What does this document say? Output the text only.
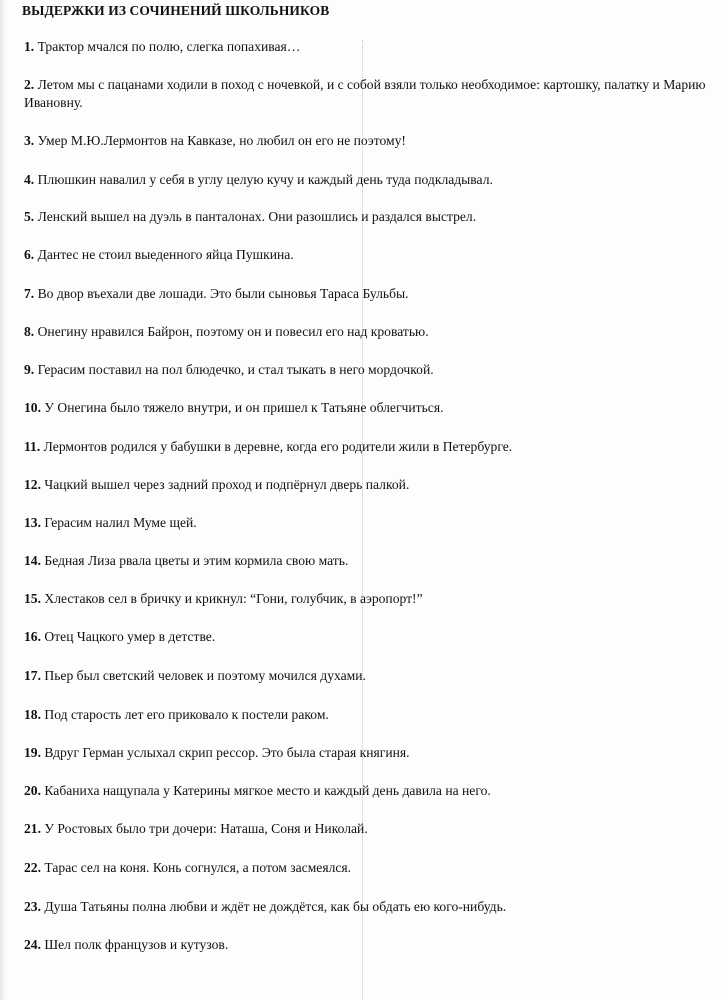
ВЫДЕРЖКИ ИЗ СОЧИНЕНИЙ ШКОЛЬНИКОВ
1. Трактор мчался по полю, слегка попахивая…
2. Летом мы с пацанами ходили в поход с ночевкой, и с собой взяли только необходимое: картошку, палатку и Марию Ивановну.
3. Умер М.Ю.Лермонтов на Кавказе, но любил он его не поэтому!
4. Плюшкин навалил у себя в углу целую кучу и каждый день туда подкладывал.
5. Ленский вышел на дуэль в панталонах. Они разошлись и раздался выстрел.
6. Дантес не стоил выеденного яйца Пушкина.
7. Во двор въехали две лошади. Это были сыновья Тараса Бульбы.
8. Онегину нравился Байрон, поэтому он и повесил его над кроватью.
9. Герасим поставил на пол блюдечко, и стал тыкать в него мордочкой.
10. У Онегина было тяжело внутри, и он пришел к Татьяне облегчиться.
11. Лермонтов родился у бабушки в деревне, когда его родители жили в Петербурге.
12. Чацкий вышел через задний проход и подпёрнул дверь палкой.
13. Герасим налил Муме щей.
14. Бедная Лиза рвала цветы и этим кормила свою мать.
15. Хлестаков сел в бричку и крикнул: “Гони, голубчик, в аэропорт!”
16. Отец Чацкого умер в детстве.
17. Пьер был светский человек и поэтому мочился духами.
18. Под старость лет его приковало к постели раком.
19. Вдруг Герман услыхал скрип рессор. Это была старая княгиня.
20. Кабаниха нащупала у Катерины мягкое место и каждый день давила на него.
21. У Ростовых было три дочери: Наташа, Соня и Николай.
22. Тарас сел на коня. Конь согнулся, а потом засмеялся.
23. Душа Татьяны полна любви и ждёт не дождётся, как бы обдать ею кого-нибудь.
24. Шел полк французов и кутузов.
